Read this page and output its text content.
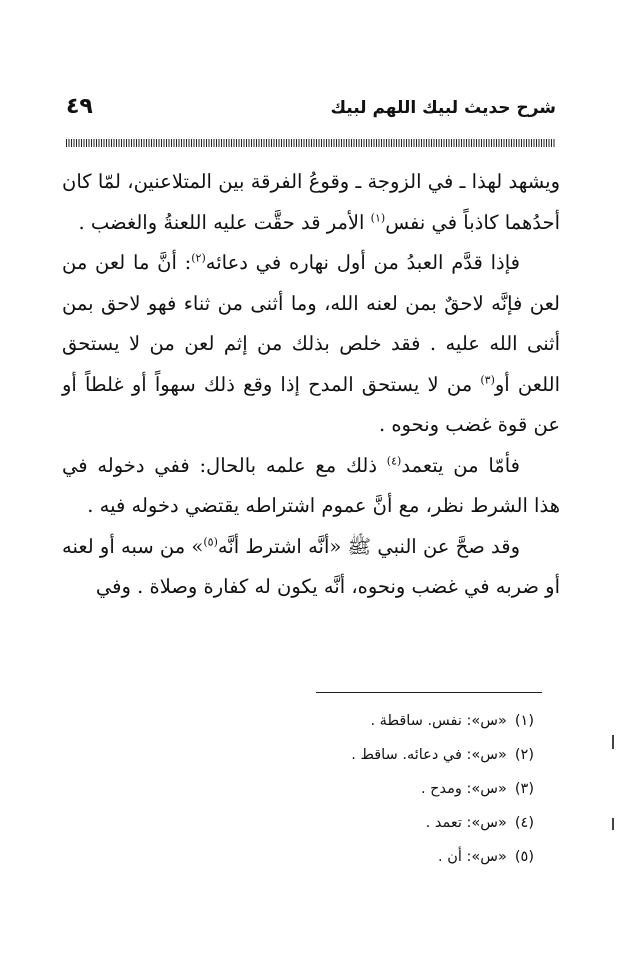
شرح حديث لبيك اللهم لبيك
٤٩

ويشهد لهذا ـ في الزوجة ـ وقوعُ الفرقة بين المتلاعنين، لمّا كان أحدُهما كاذباً في نفس$^{(١)}$ الأمر قد حقَّت عليه اللعنةُ والغضب .

فإذا قدَّم العبدُ من أول نهاره في دعائه$^{(٢)}$: أنَّ ما لعن من لعن فإنَّه لاحقٌ بمن لعنه الله، وما أثنى من ثناء فهو لاحق بمن أثنى الله عليه . فقد خلص بذلك من إثم لعن من لا يستحق اللعن أو$^{(٣)}$ من لا يستحق المدح إذا وقع ذلك سهواً أو غلطاً أو عن قوة غضب ونحوه .

فأمّا من يتعمد$^{(٤)}$ ذلك مع علمه بالحال: ففي دخوله في هذا الشرط نظر، مع أنَّ عموم اشتراطه يقتضي دخوله فيه .

وقد صحَّ عن النبي ﷺ «أنَّه اشترط أنَّه$^{(٥)}$» من سبه أو لعنه أو ضربه في غضب ونحوه، أنَّه يكون له كفارة وصلاة . وفي

(١)«س»: نفس. ساقطة .
(٢)«س»: في دعائه. ساقط .
(٣)«س»: ومدح .
(٤)«س»: تعمد .
(٥)«س»: أن .
